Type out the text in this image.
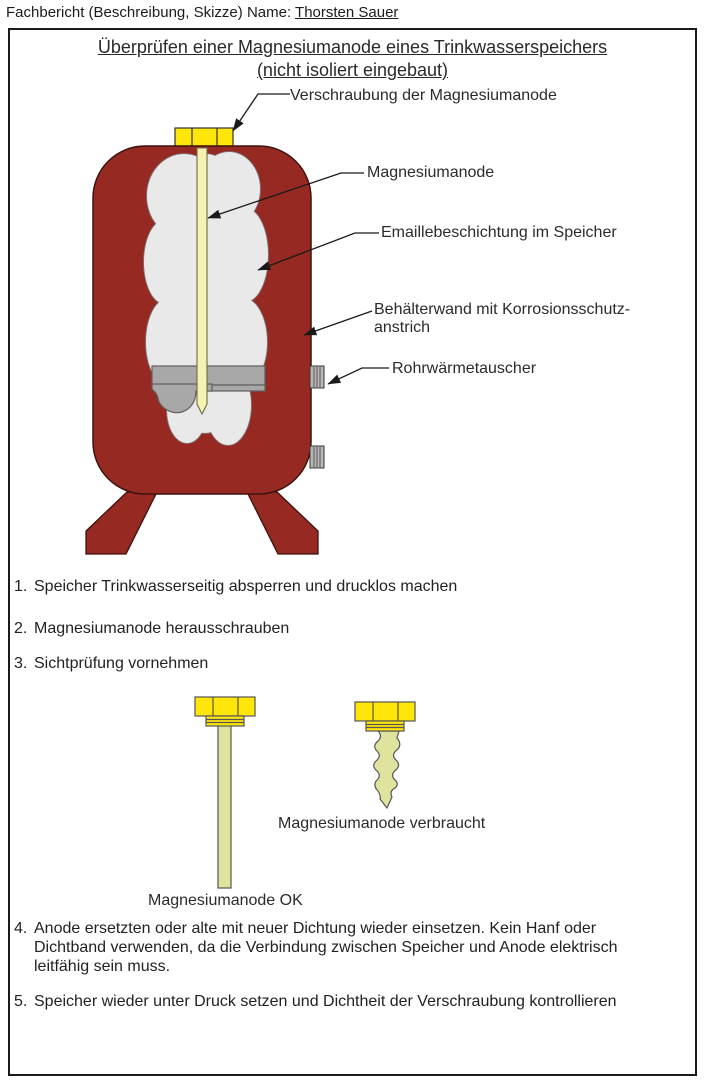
Fachbericht (Beschreibung, Skizze) Name: Thorsten Sauer
Überprüfen einer Magnesiumanode eines Trinkwasserspeichers
(nicht isoliert eingebaut)
Verschraubung der Magnesiumanode
Magnesiumanode
Emaillebeschichtung im Speicher
Behälterwand mit Korrosionsschutz-
anstrich
Rohrwärmetauscher
1. Speicher Trinkwasserseitig absperren und drucklos machen
2. Magnesiumanode herausschrauben
3. Sichtprüfung vornehmen
Magnesiumanode verbraucht
Magnesiumanode OK
4. Anode ersetzten oder alte mit neuer Dichtung wieder einsetzen. Kein Hanf oder Dichtband verwenden, da die Verbindung zwischen Speicher und Anode elektrisch leitfähig sein muss.
5. Speicher wieder unter Druck setzen und Dichtheit der Verschraubung kontrollieren
